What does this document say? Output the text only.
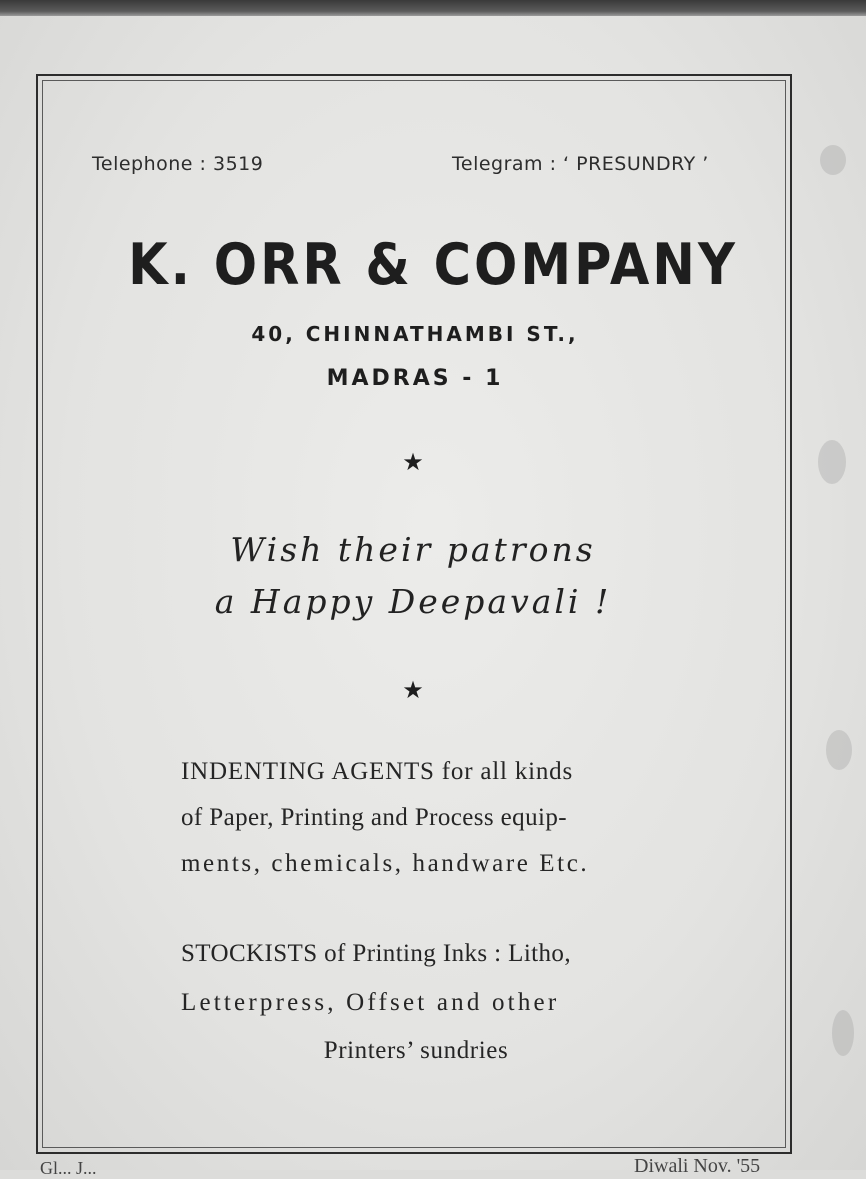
Telephone : 3519	Telegram : ‘ PRESUNDRY ’
K. ORR & COMPANY
40, CHINNATHAMBI ST.,
MADRAS - 1
★
Wish their patrons
a Happy Deepavali !
★
INDENTING AGENTS for all kinds
of Paper, Printing and Process equip-
ments, chemicals, handware Etc.
STOCKISTS of Printing Inks : Litho,
Letterpress, Offset and other
Printers’ sundries
Gl... J...	Diwali Nov. '55
